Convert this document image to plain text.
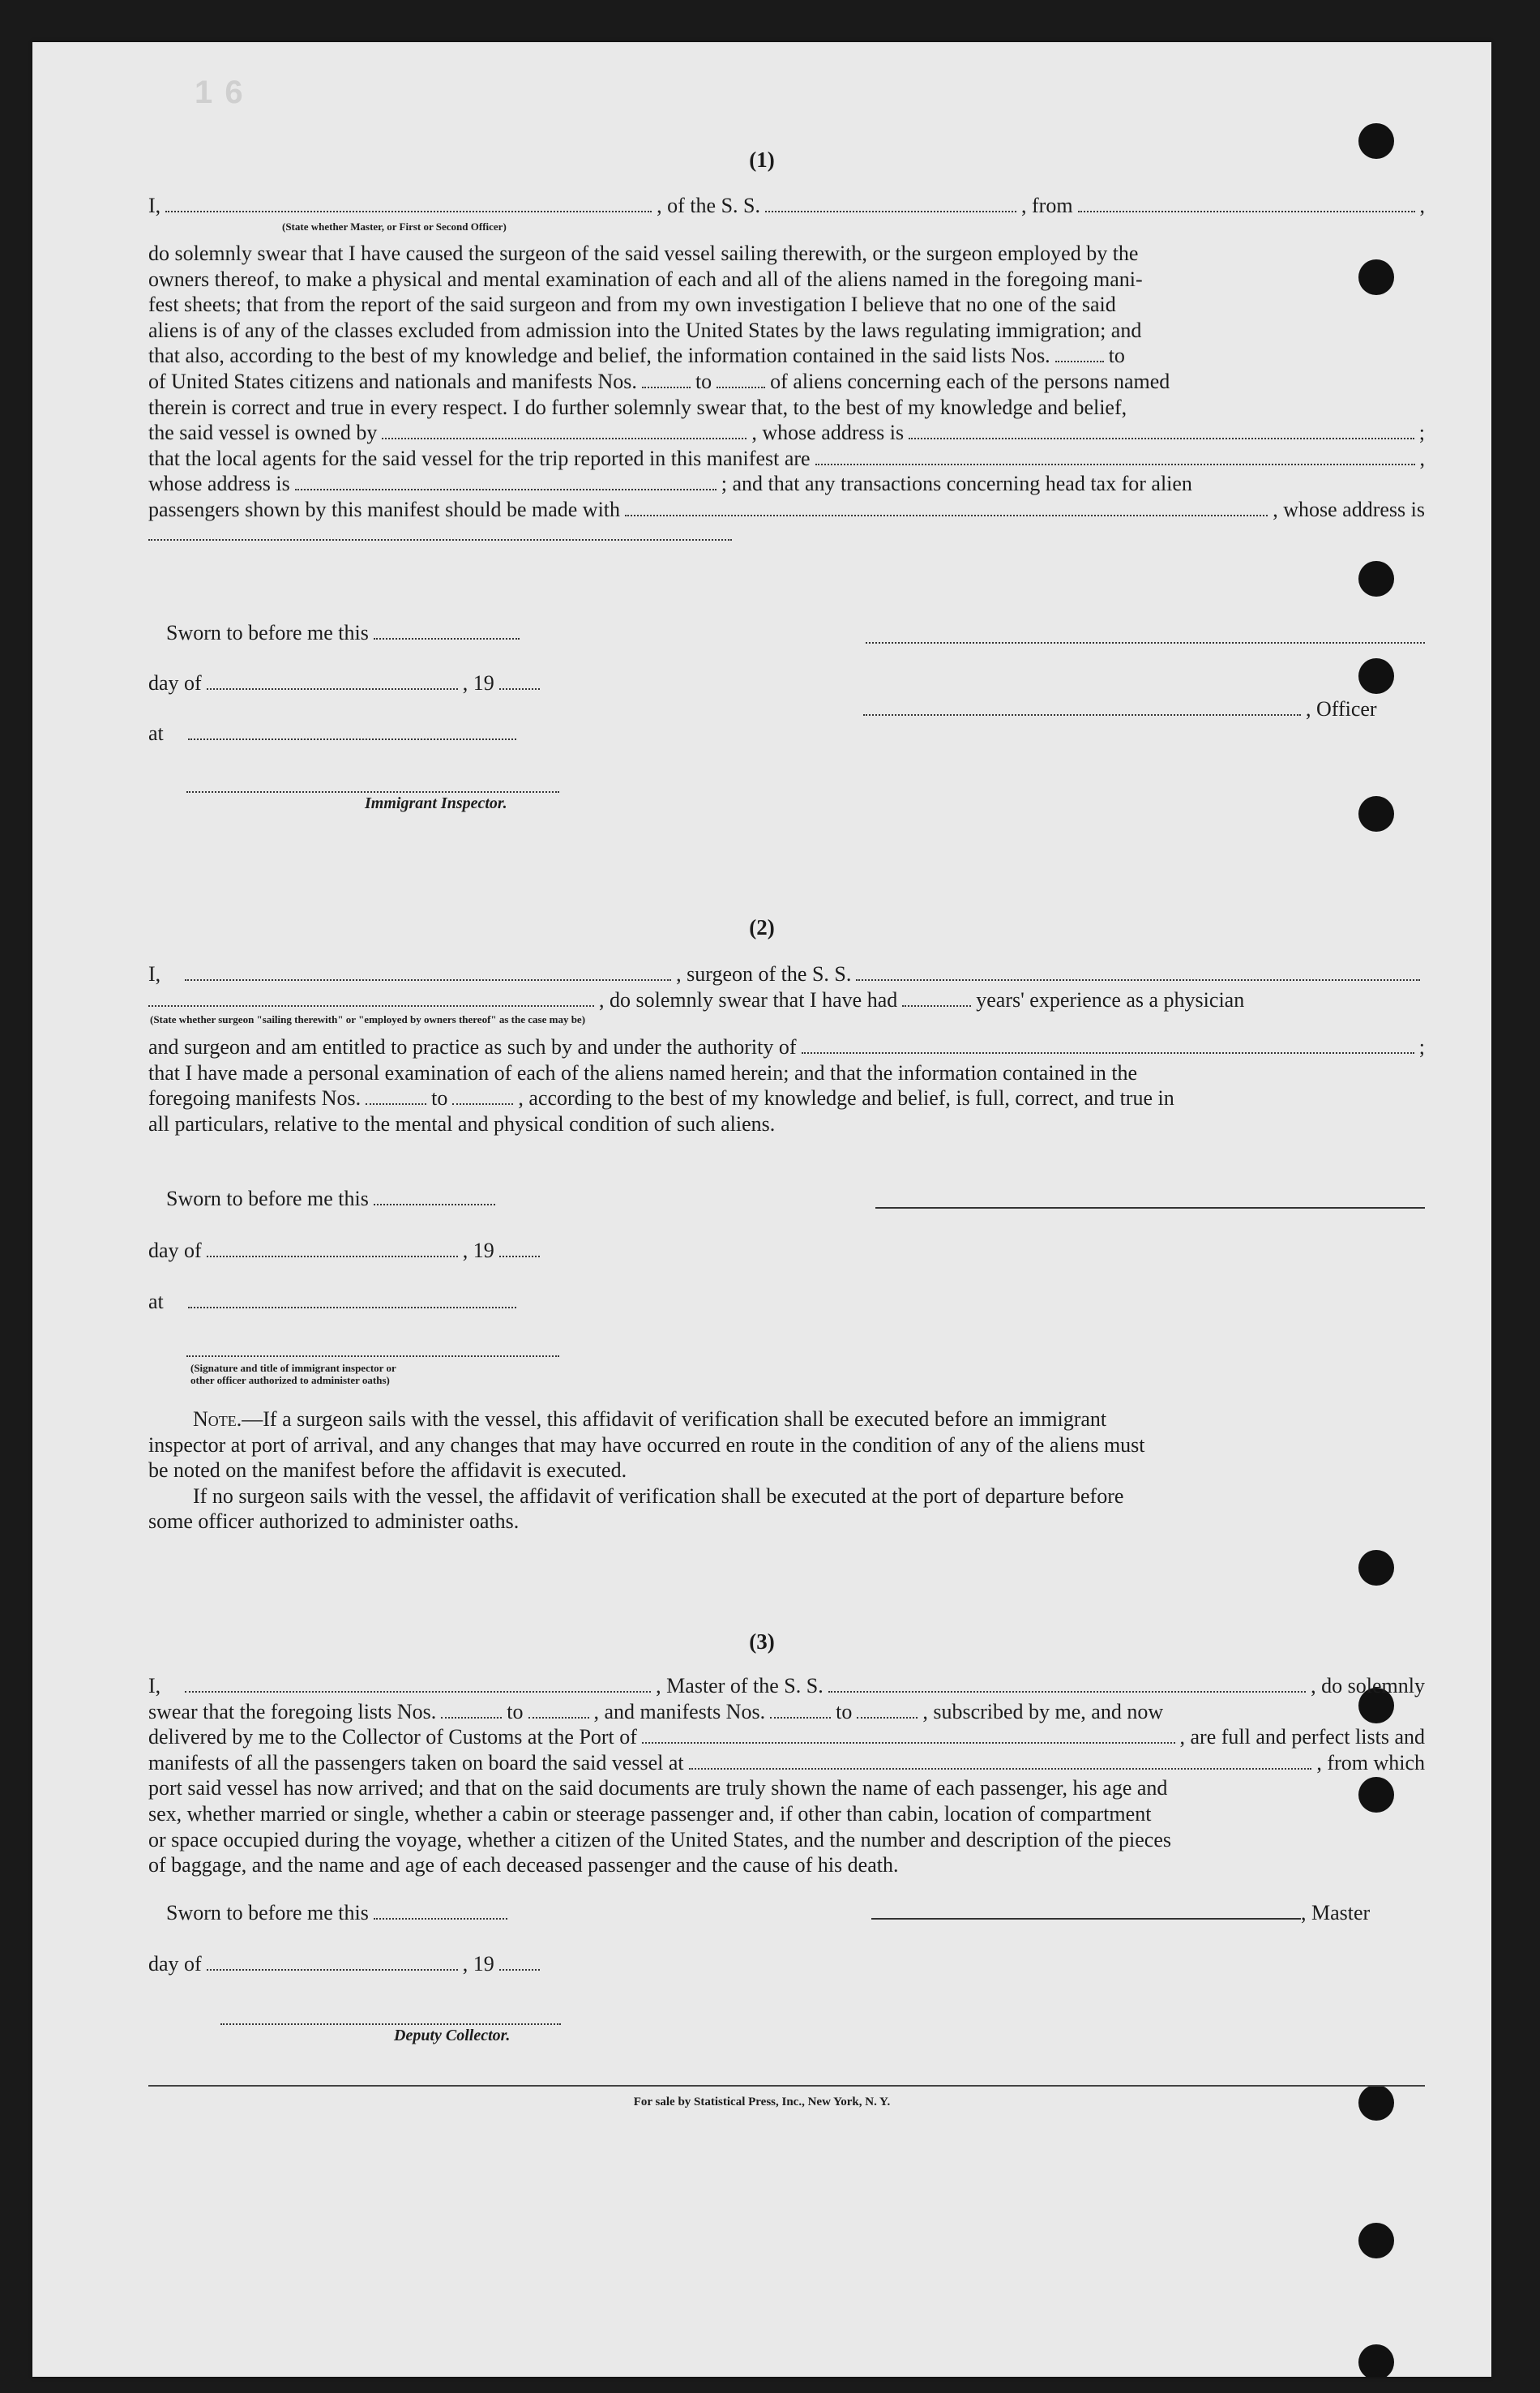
1 6
(1)
I,	, of the S. S.	, from	,
(State whether Master, or First or Second Officer)
do solemnly swear that I have caused the surgeon of the said vessel sailing therewith, or the surgeon employed by the
owners thereof, to make a physical and mental examination of each and all of the aliens named in the foregoing mani-
fest sheets; that from the report of the said surgeon and from my own investigation I believe that no one of the said
aliens is of any of the classes excluded from admission into the United States by the laws regulating immigration; and
that also, according to the best of my knowledge and belief, the information contained in the said lists Nos.	to
of United States citizens and nationals and manifests Nos.	to	of aliens concerning each of the persons named
therein is correct and true in every respect. I do further solemnly swear that, to the best of my knowledge and belief,
the said vessel is owned by	, whose address is	;
that the local agents for the said vessel for the trip reported in this manifest are	,
whose address is	; and that any transactions concerning head tax for alien
passengers shown by this manifest should be made with	, whose address is
Sworn to before me this
day of	, 19
, Officer
at
Immigrant Inspector.
(2)
I,	, surgeon of the S. S.
, do solemnly swear that I have had	years' experience as a physician
(State whether surgeon "sailing therewith" or "employed by owners thereof" as the case may be)
and surgeon and am entitled to practice as such by and under the authority of	;
that I have made a personal examination of each of the aliens named herein; and that the information contained in the
foregoing manifests Nos.	to	, according to the best of my knowledge and belief, is full, correct, and true in
all particulars, relative to the mental and physical condition of such aliens.
Sworn to before me this
day of	, 19
at
(Signature and title of immigrant inspector or
other officer authorized to administer oaths)
Note. —If a surgeon sails with the vessel, this affidavit of verification shall be executed before an immigrant
inspector at port of arrival, and any changes that may have occurred en route in the condition of any of the aliens must
be noted on the manifest before the affidavit is executed.
If no surgeon sails with the vessel, the affidavit of verification shall be executed at the port of departure before
some officer authorized to administer oaths.
(3)
I,	, Master of the S. S.	, do solemnly
swear that the foregoing lists Nos.	to	, and manifests Nos.	to	, subscribed by me, and now
delivered by me to the Collector of Customs at the Port of	, are full and perfect lists and
manifests of all the passengers taken on board the said vessel at	, from which
port said vessel has now arrived; and that on the said documents are truly shown the name of each passenger, his age and
sex, whether married or single, whether a cabin or steerage passenger and, if other than cabin, location of compartment
or space occupied during the voyage, whether a citizen of the United States, and the number and description of the pieces
of baggage, and the name and age of each deceased passenger and the cause of his death.
Sworn to before me this	, Master
day of	, 19
Deputy Collector.
For sale by Statistical Press, Inc., New York, N. Y.
